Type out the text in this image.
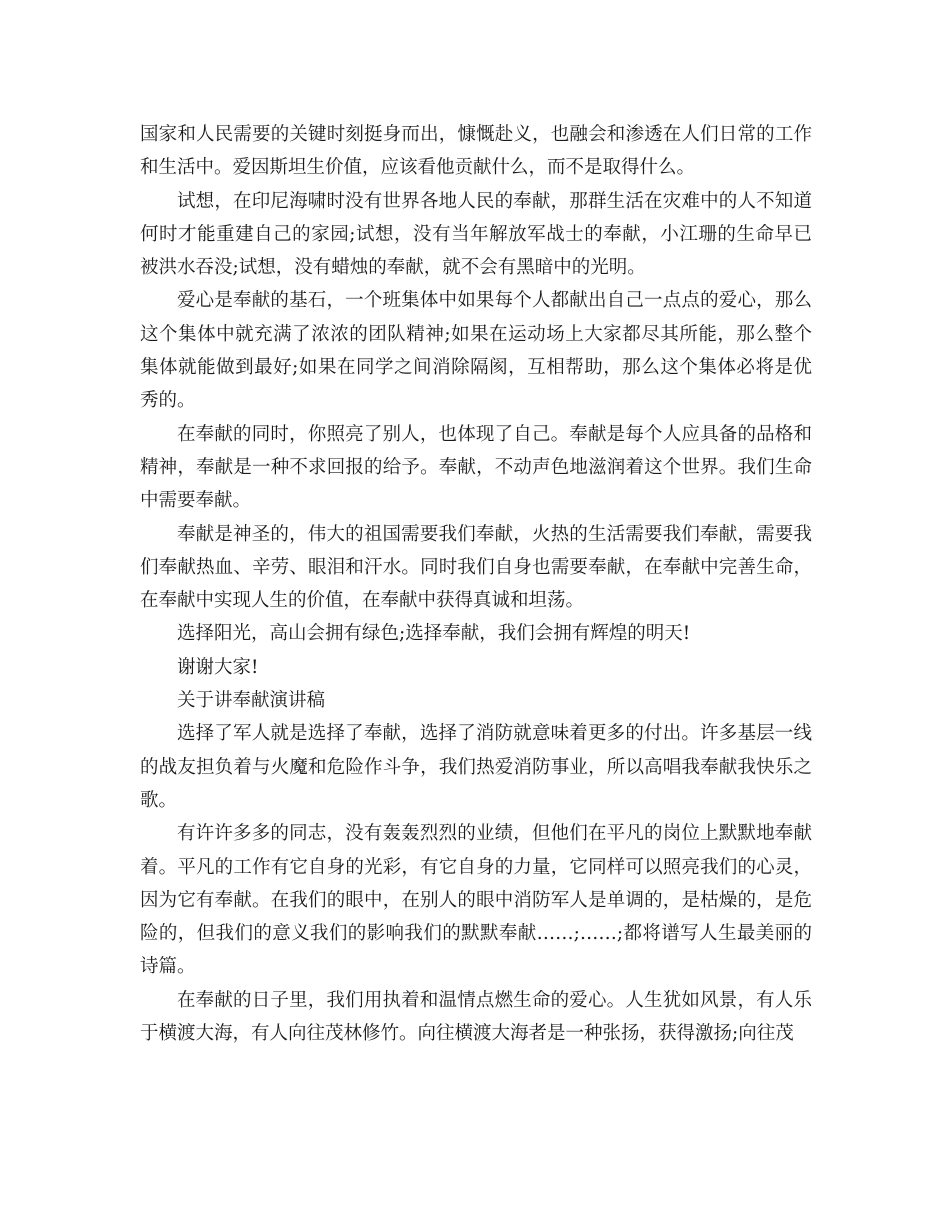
国家和人民需要的关键时刻挺身而出，慷慨赴义，也融会和渗透在人们日常的工作和生活中。爱因斯坦生价值，应该看他贡献什么，而不是取得什么。

试想，在印尼海啸时没有世界各地人民的奉献，那群生活在灾难中的人不知道何时才能重建自己的家园;试想，没有当年解放军战士的奉献，小江珊的生命早已被洪水吞没;试想，没有蜡烛的奉献，就不会有黑暗中的光明。

爱心是奉献的基石，一个班集体中如果每个人都献出自己一点点的爱心，那么这个集体中就充满了浓浓的团队精神;如果在运动场上大家都尽其所能，那么整个集体就能做到最好;如果在同学之间消除隔阂，互相帮助，那么这个集体必将是优秀的。

在奉献的同时，你照亮了别人，也体现了自己。奉献是每个人应具备的品格和精神，奉献是一种不求回报的给予。奉献，不动声色地滋润着这个世界。我们生命中需要奉献。

奉献是神圣的，伟大的祖国需要我们奉献，火热的生活需要我们奉献，需要我们奉献热血、辛劳、眼泪和汗水。同时我们自身也需要奉献，在奉献中完善生命，在奉献中实现人生的价值，在奉献中获得真诚和坦荡。

选择阳光，高山会拥有绿色;选择奉献，我们会拥有辉煌的明天!

谢谢大家!

关于讲奉献演讲稿

选择了军人就是选择了奉献，选择了消防就意味着更多的付出。许多基层一线的战友担负着与火魔和危险作斗争，我们热爱消防事业，所以高唱我奉献我快乐之歌。

有许许多多的同志，没有轰轰烈烈的业绩，但他们在平凡的岗位上默默地奉献着。平凡的工作有它自身的光彩，有它自身的力量，它同样可以照亮我们的心灵，因为它有奉献。在我们的眼中，在别人的眼中消防军人是单调的，是枯燥的，是危险的，但我们的意义我们的影响我们的默默奉献……;……;都将谱写人生最美丽的诗篇。

在奉献的日子里，我们用执着和温情点燃生命的爱心。人生犹如风景，有人乐于横渡大海，有人向往茂林修竹。向往横渡大海者是一种张扬，获得激扬;向往茂
